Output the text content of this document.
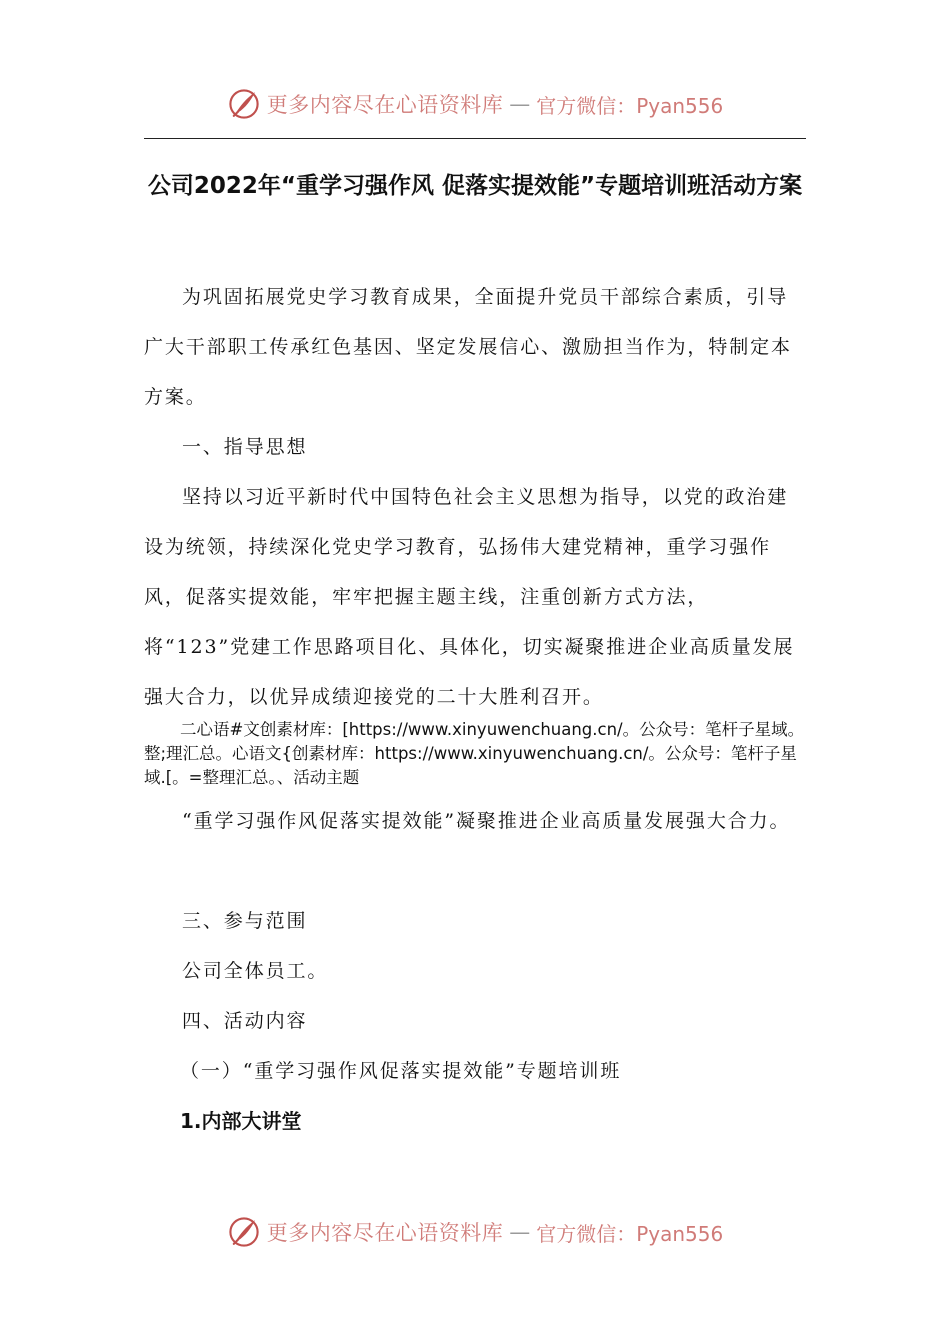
更多内容尽在心语资料库 — 官方微信：Pyan556
公司2022年“重学习强作风 促落实提效能”专题培训班活动方案

为巩固拓展党史学习教育成果，全面提升党员干部综合素质，引导广大干部职工传承红色基因、坚定发展信心、激励担当作为，特制定本方案。

一、指导思想

坚持以习近平新时代中国特色社会主义思想为指导，以党的政治建设为统领，持续深化党史学习教育，弘扬伟大建党精神，重学习强作风，促落实提效能，牢牢把握主题主线，注重创新方式方法，将“123”党建工作思路项目化、具体化，切实凝聚推进企业高质量发展强大合力，以优异成绩迎接党的二十大胜利召开。

二心语#文创素材库：[https://www.xinyuwenchuang.cn/。公众号：笔杆子星域。整;理汇总。心语文{创素材库：https://www.xinyuwenchuang.cn/。公众号：笔杆子星域.[。=整理汇总。、活动主题

“重学习强作风促落实提效能”凝聚推进企业高质量发展强大合力。

三、参与范围

公司全体员工。

四、活动内容

（一）“重学习强作风促落实提效能”专题培训班

1.内部大讲堂

更多内容尽在心语资料库 — 官方微信：Pyan556
